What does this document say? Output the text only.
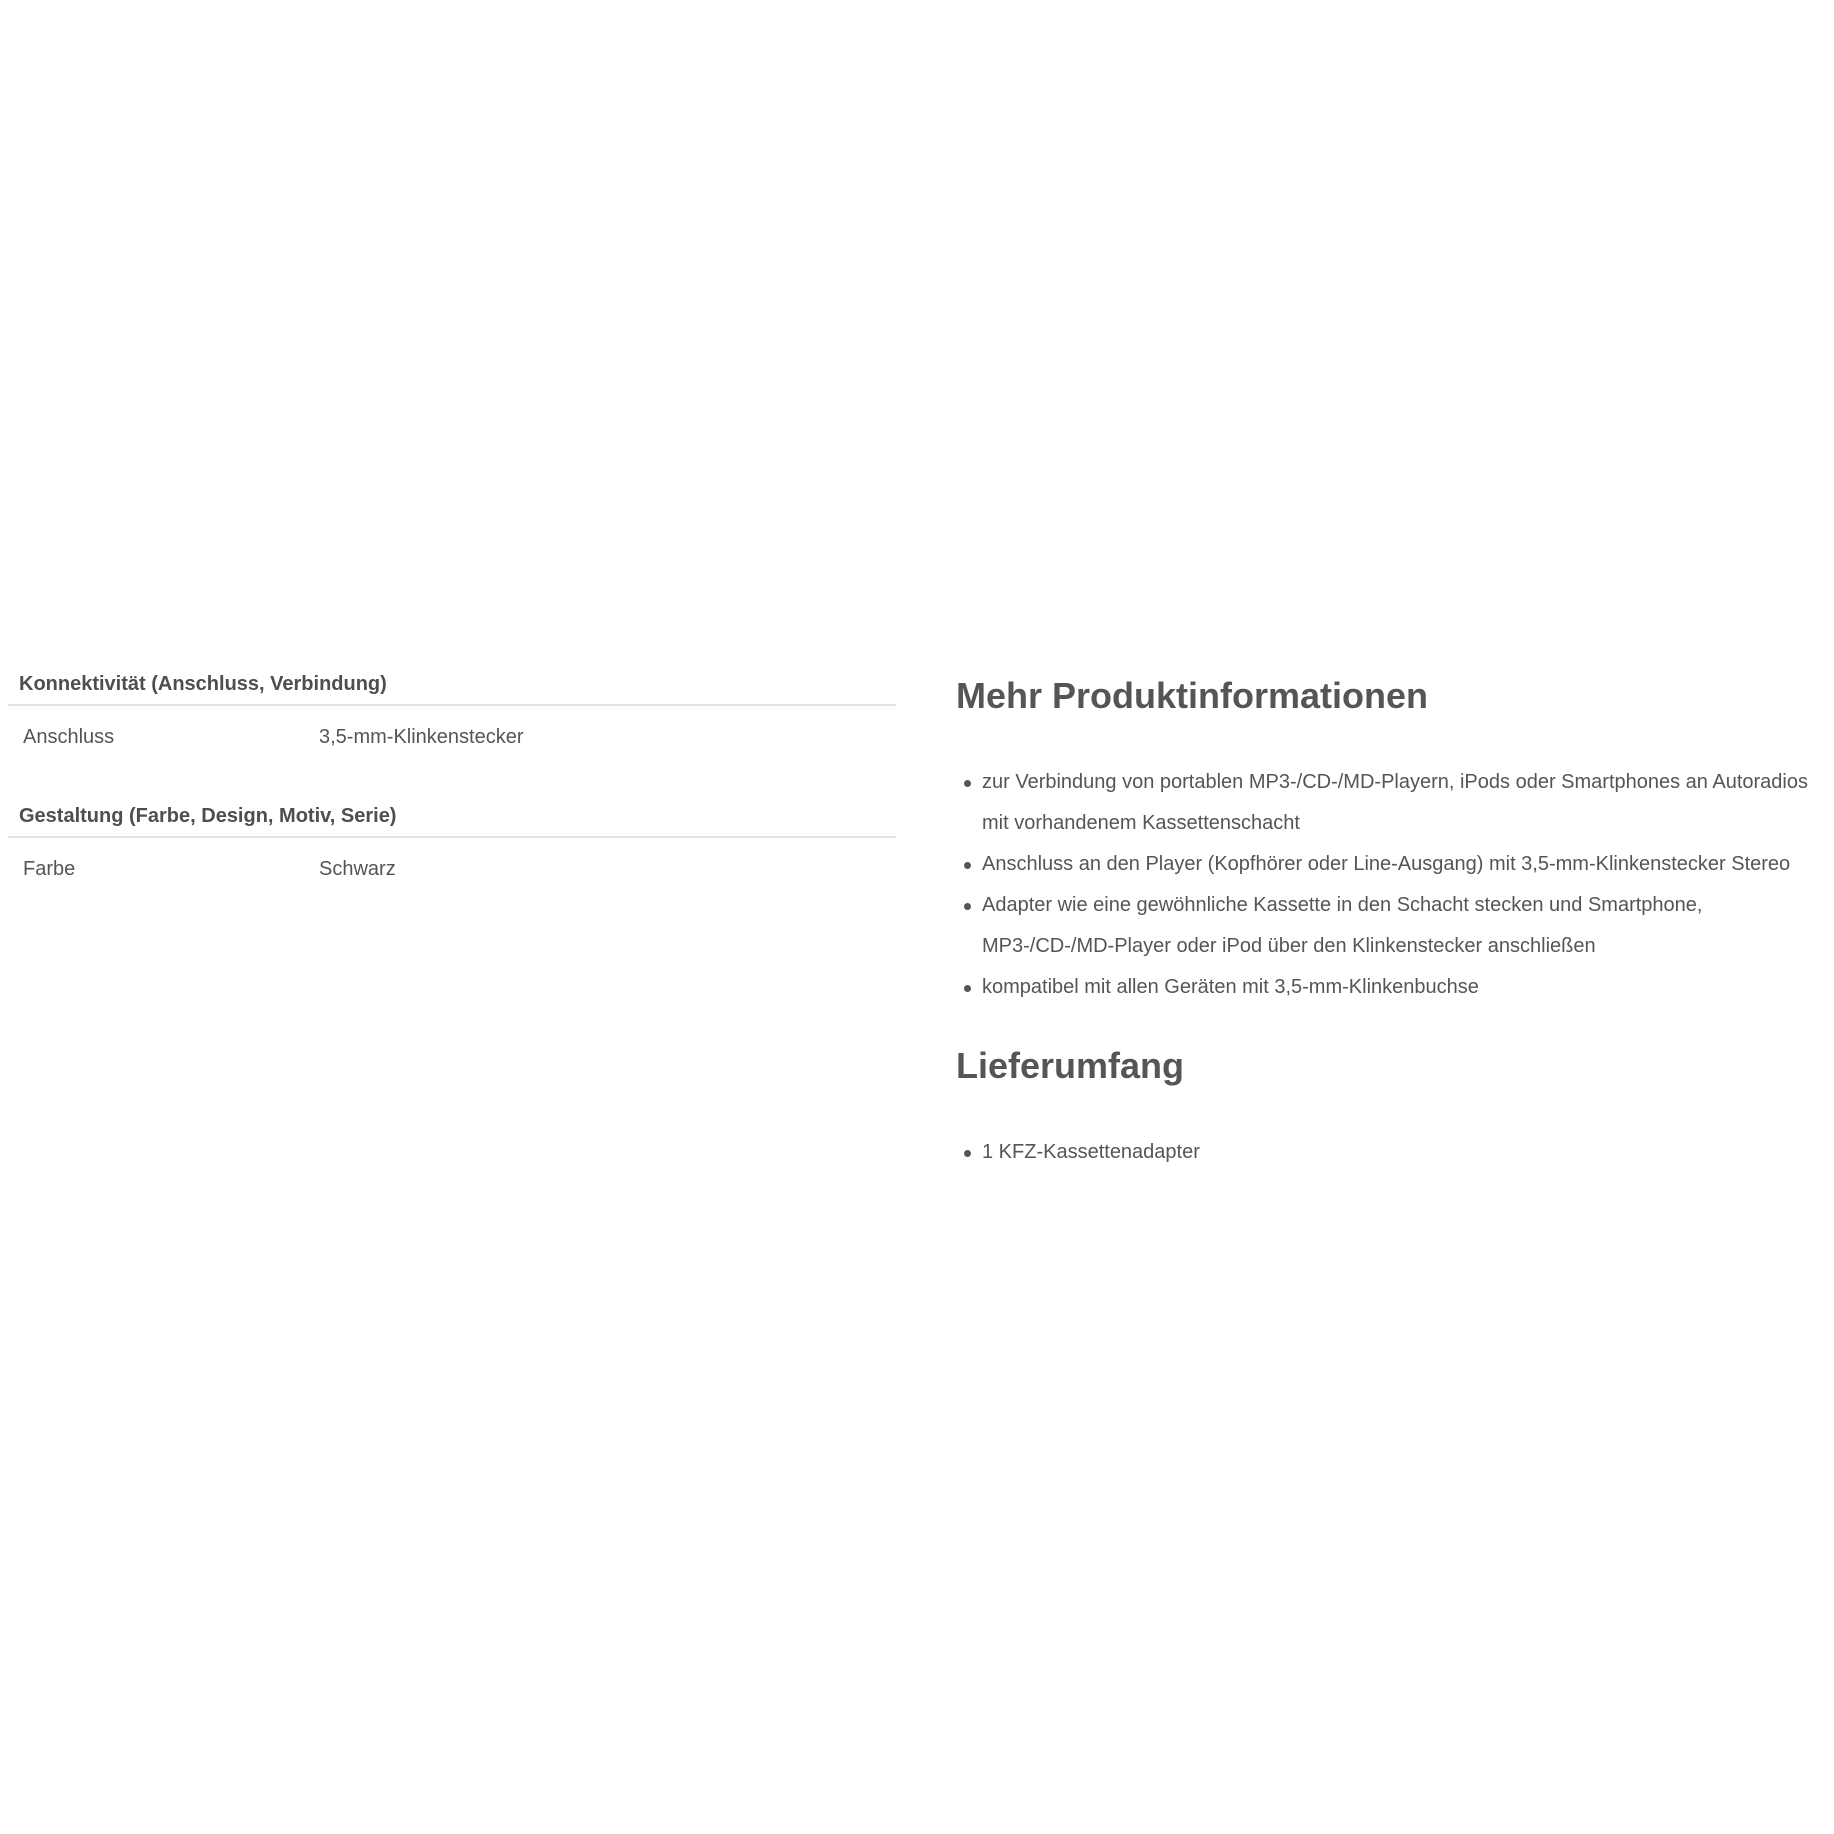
Konnektivität (Anschluss, Verbindung)
Anschluss	3,5-mm-Klinkenstecker
Gestaltung (Farbe, Design, Motiv, Serie)
Farbe	Schwarz
Mehr Produktinformationen
zur Verbindung von portablen MP3-/CD-/MD-Playern, iPods oder Smartphones an Autoradios mit vorhandenem Kassettenschacht
Anschluss an den Player (Kopfhörer oder Line-Ausgang) mit 3,5-mm-Klinkenstecker Stereo
Adapter wie eine gewöhnliche Kassette in den Schacht stecken und Smartphone, MP3-/CD-/MD-Player oder iPod über den Klinkenstecker anschließen
kompatibel mit allen Geräten mit 3,5-mm-Klinkenbuchse
Lieferumfang
1 KFZ-Kassettenadapter
